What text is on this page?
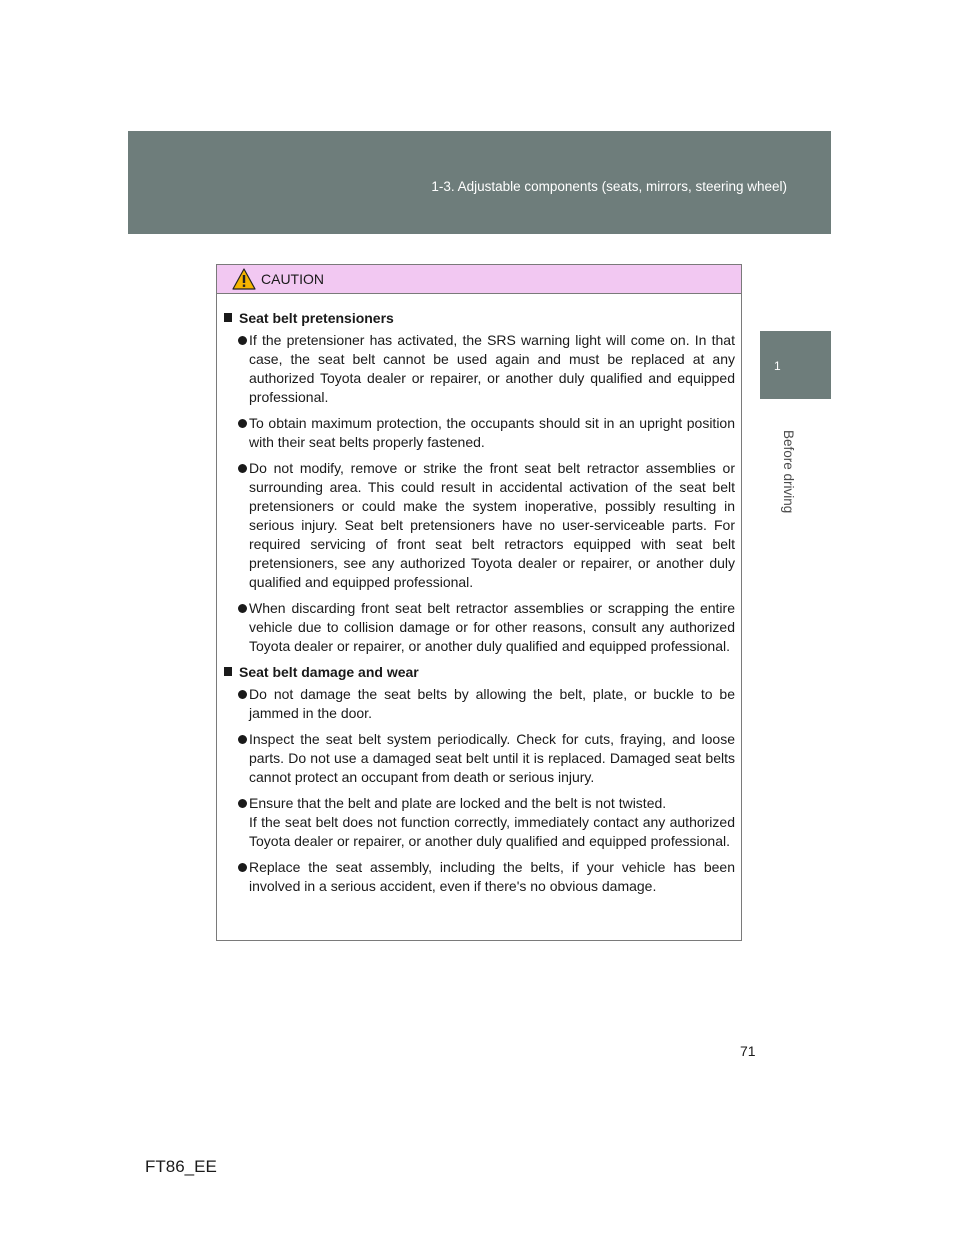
1-3. Adjustable components (seats, mirrors, steering wheel)
1
Before driving
CAUTION
Seat belt pretensioners
If the pretensioner has activated, the SRS warning light will come on. In that case, the seat belt cannot be used again and must be replaced at any authorized Toyota dealer or repairer, or another duly qualified and equipped professional.
To obtain maximum protection, the occupants should sit in an upright position with their seat belts properly fastened.
Do not modify, remove or strike the front seat belt retractor assemblies or surrounding area. This could result in accidental activation of the seat belt pretensioners or could make the system inoperative, possibly resulting in serious injury. Seat belt pretensioners have no user-serviceable parts. For required servicing of front seat belt retractors equipped with seat belt pretensioners, see any authorized Toyota dealer or repairer, or another duly qualified and equipped professional.
When discarding front seat belt retractor assemblies or scrapping the entire vehicle due to collision damage or for other reasons, consult any authorized Toyota dealer or repairer, or another duly qualified and equipped professional.
Seat belt damage and wear
Do not damage the seat belts by allowing the belt, plate, or buckle to be jammed in the door.
Inspect the seat belt system periodically. Check for cuts, fraying, and loose parts. Do not use a damaged seat belt until it is replaced. Damaged seat belts cannot protect an occupant from death or serious injury.
Ensure that the belt and plate are locked and the belt is not twisted.
If the seat belt does not function correctly, immediately contact any authorized Toyota dealer or repairer, or another duly qualified and equipped professional.
Replace the seat assembly, including the belts, if your vehicle has been involved in a serious accident, even if there's no obvious damage.
71
FT86_EE
